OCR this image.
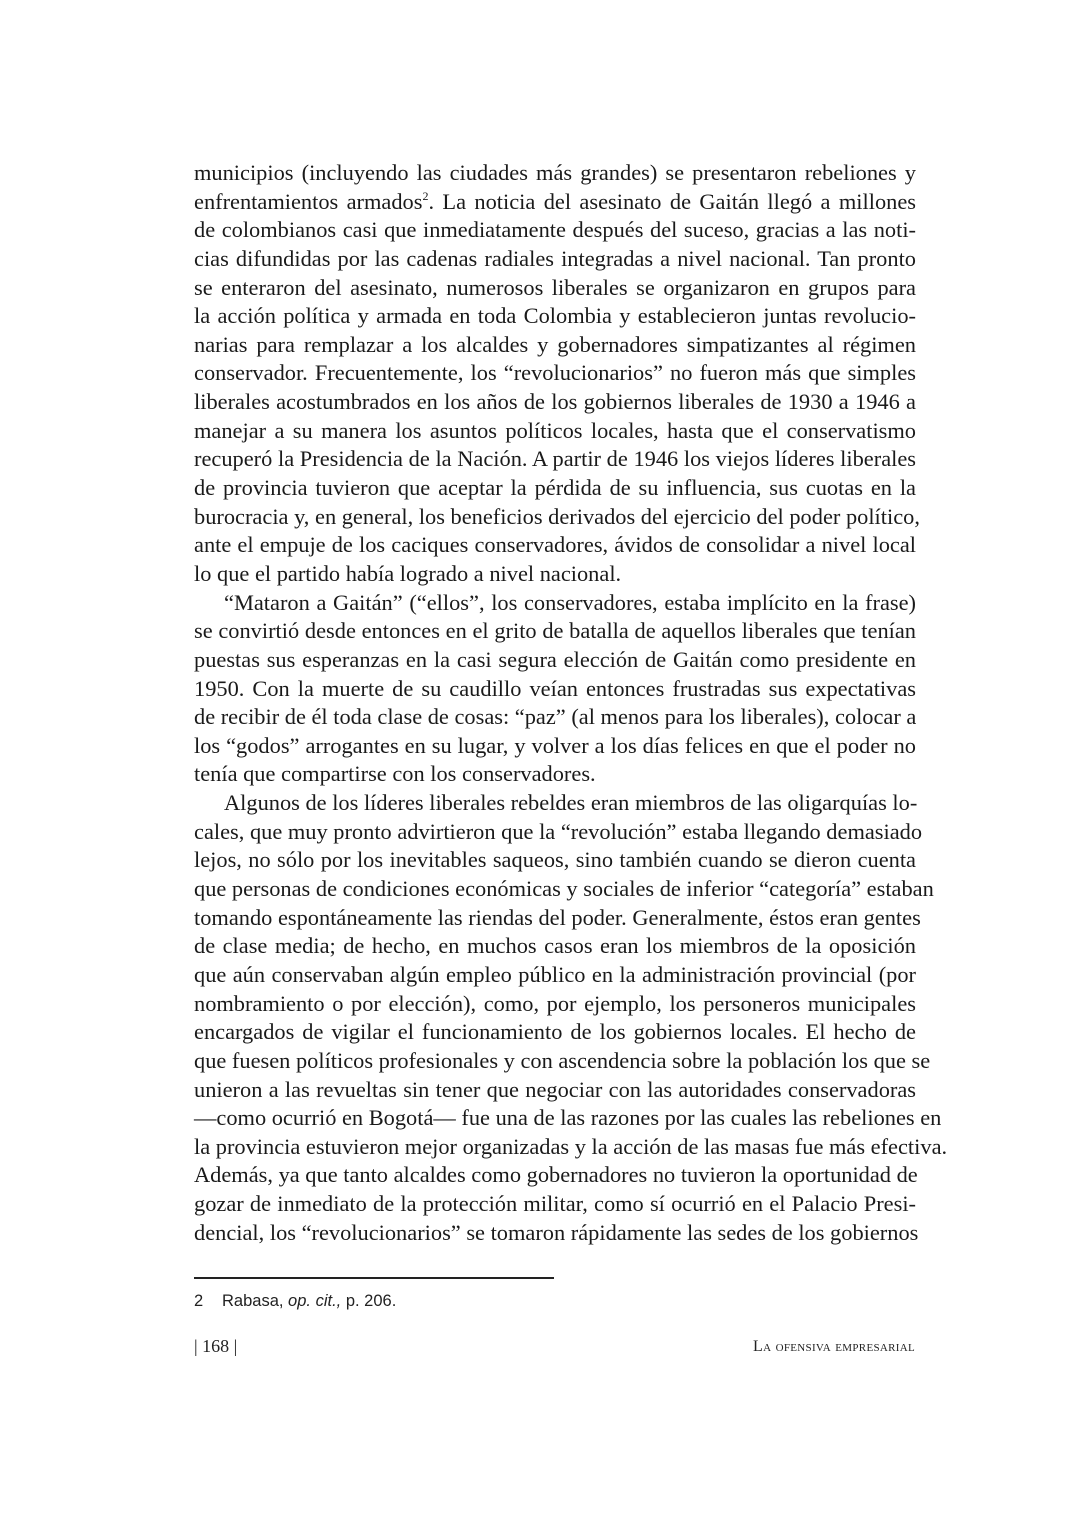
municipios (incluyendo las ciudades más grandes) se presentaron rebeliones y
enfrentamientos armados$^2$. La noticia del asesinato de Gaitán llegó a millones
de colombianos casi que inmediatamente después del suceso, gracias a las noti-
cias difundidas por las cadenas radiales integradas a nivel nacional. Tan pronto
se enteraron del asesinato, numerosos liberales se organizaron en grupos para
la acción política y armada en toda Colombia y establecieron juntas revolucio-
narias para remplazar a los alcaldes y gobernadores simpatizantes al régimen
conservador. Frecuentemente, los “revolucionarios” no fueron más que simples
liberales acostumbrados en los años de los gobiernos liberales de 1930 a 1946 a
manejar a su manera los asuntos políticos locales, hasta que el conservatismo
recuperó la Presidencia de la Nación. A partir de 1946 los viejos líderes liberales
de provincia tuvieron que aceptar la pérdida de su influencia, sus cuotas en la
burocracia y, en general, los beneficios derivados del ejercicio del poder político,
ante el empuje de los caciques conservadores, ávidos de consolidar a nivel local
lo que el partido había logrado a nivel nacional.
“Mataron a Gaitán” (“ellos”, los conservadores, estaba implícito en la frase)
se convirtió desde entonces en el grito de batalla de aquellos liberales que tenían
puestas sus esperanzas en la casi segura elección de Gaitán como presidente en
1950. Con la muerte de su caudillo veían entonces frustradas sus expectativas
de recibir de él toda clase de cosas: “paz” (al menos para los liberales), colocar a
los “godos” arrogantes en su lugar, y volver a los días felices en que el poder no
tenía que compartirse con los conservadores.
Algunos de los líderes liberales rebeldes eran miembros de las oligarquías lo-
cales, que muy pronto advirtieron que la “revolución” estaba llegando demasiado
lejos, no sólo por los inevitables saqueos, sino también cuando se dieron cuenta
que personas de condiciones económicas y sociales de inferior “categoría” estaban
tomando espontáneamente las riendas del poder. Generalmente, éstos eran gentes
de clase media; de hecho, en muchos casos eran los miembros de la oposición
que aún conservaban algún empleo público en la administración provincial (por
nombramiento o por elección), como, por ejemplo, los personeros municipales
encargados de vigilar el funcionamiento de los gobiernos locales. El hecho de
que fuesen políticos profesionales y con ascendencia sobre la población los que se
unieron a las revueltas sin tener que negociar con las autoridades conservadoras
—como ocurrió en Bogotá— fue una de las razones por las cuales las rebeliones en
la provincia estuvieron mejor organizadas y la acción de las masas fue más efectiva.
Además, ya que tanto alcaldes como gobernadores no tuvieron la oportunidad de
gozar de inmediato de la protección militar, como sí ocurrió en el Palacio Presi-
dencial, los “revolucionarios” se tomaron rápidamente las sedes de los gobiernos
2 Rabasa, op. cit., p. 206.
| 168 |	La ofensiva empresarial
